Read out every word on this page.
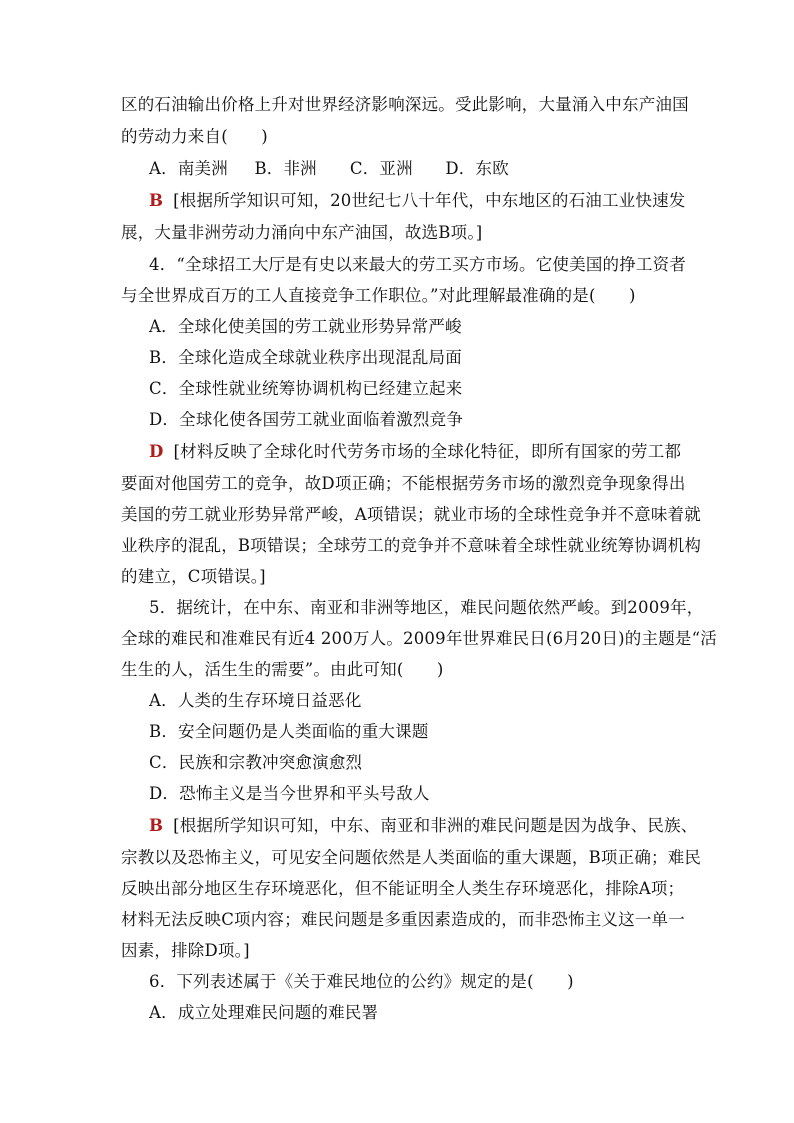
区的石油输出价格上升对世界经济影响深远。受此影响，大量涌入中东产油国
的劳动力来自(　　)
A．南美洲 B．非洲 C．亚洲 D．东欧
B [根据所学知识可知，20世纪七八十年代，中东地区的石油工业快速发
展，大量非洲劳动力涌向中东产油国，故选B项。]
4．“全球招工大厅是有史以来最大的劳工买方市场。它使美国的挣工资者
与全世界成百万的工人直接竞争工作职位。”对此理解最准确的是(　　)
A．全球化使美国的劳工就业形势异常严峻
B．全球化造成全球就业秩序出现混乱局面
C．全球性就业统筹协调机构已经建立起来
D．全球化使各国劳工就业面临着激烈竞争
D [材料反映了全球化时代劳务市场的全球化特征，即所有国家的劳工都
要面对他国劳工的竞争，故D项正确；不能根据劳务市场的激烈竞争现象得出
美国的劳工就业形势异常严峻，A项错误；就业市场的全球性竞争并不意味着就
业秩序的混乱，B项错误；全球劳工的竞争并不意味着全球性就业统筹协调机构
的建立，C项错误。]
5．据统计，在中东、南亚和非洲等地区，难民问题依然严峻。到2009年，
全球的难民和准难民有近4 200万人。2009年世界难民日(6月20日)的主题是“活
生生的人，活生生的需要”。由此可知(　　)
A．人类的生存环境日益恶化
B．安全问题仍是人类面临的重大课题
C．民族和宗教冲突愈演愈烈
D．恐怖主义是当今世界和平头号敌人
B [根据所学知识可知，中东、南亚和非洲的难民问题是因为战争、民族、
宗教以及恐怖主义，可见安全问题依然是人类面临的重大课题，B项正确；难民
反映出部分地区生存环境恶化，但不能证明全人类生存环境恶化，排除A项；
材料无法反映C项内容；难民问题是多重因素造成的，而非恐怖主义这一单一
因素，排除D项。]
6．下列表述属于《关于难民地位的公约》规定的是(　　)
A．成立处理难民问题的难民署
